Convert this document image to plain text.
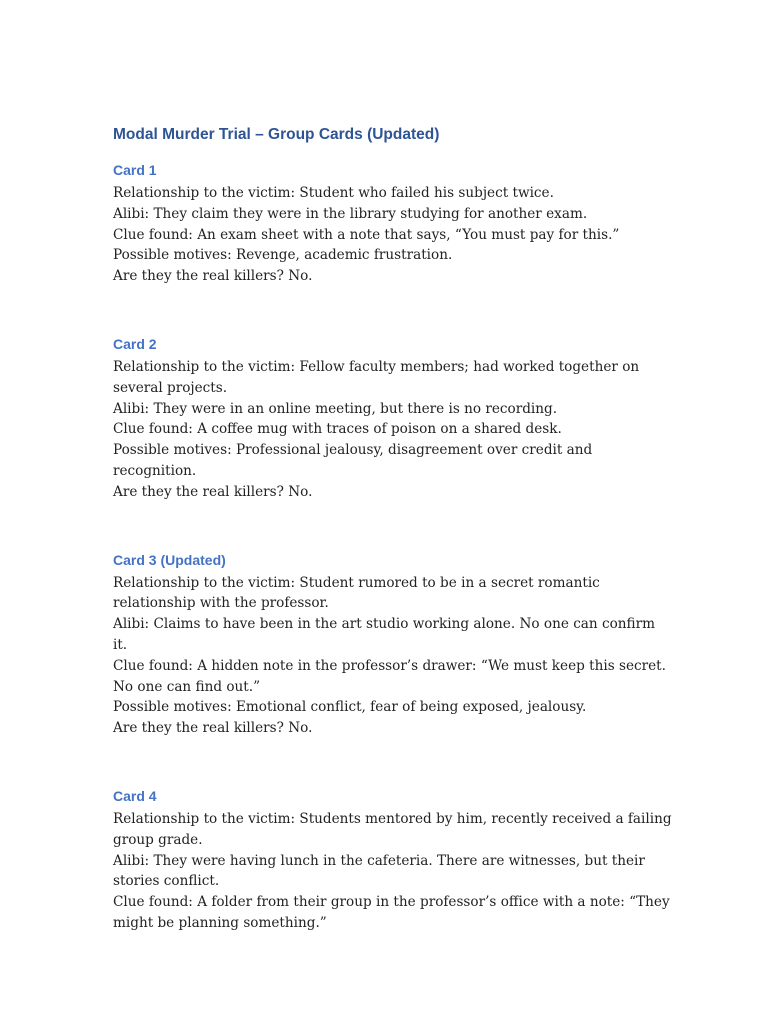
Modal Murder Trial – Group Cards (Updated)
Card 1

Relationship to the victim: Student who failed his subject twice.

Alibi: They claim they were in the library studying for another exam.

Clue found: An exam sheet with a note that says, “You must pay for this.”

Possible motives: Revenge, academic frustration.

Are they the real killers? No.

Card 2

Relationship to the victim: Fellow faculty members; had worked together on several projects.

Alibi: They were in an online meeting, but there is no recording.

Clue found: A coffee mug with traces of poison on a shared desk.

Possible motives: Professional jealousy, disagreement over credit and recognition.

Are they the real killers? No.

Card 3 (Updated)

Relationship to the victim: Student rumored to be in a secret romantic relationship with the professor.

Alibi: Claims to have been in the art studio working alone. No one can confirm it.

Clue found: A hidden note in the professor’s drawer: “We must keep this secret. No one can find out.”

Possible motives: Emotional conflict, fear of being exposed, jealousy.

Are they the real killers? No.

Card 4

Relationship to the victim: Students mentored by him, recently received a failing group grade.

Alibi: They were having lunch in the cafeteria. There are witnesses, but their stories conflict.

Clue found: A folder from their group in the professor’s office with a note: “They might be planning something.”
